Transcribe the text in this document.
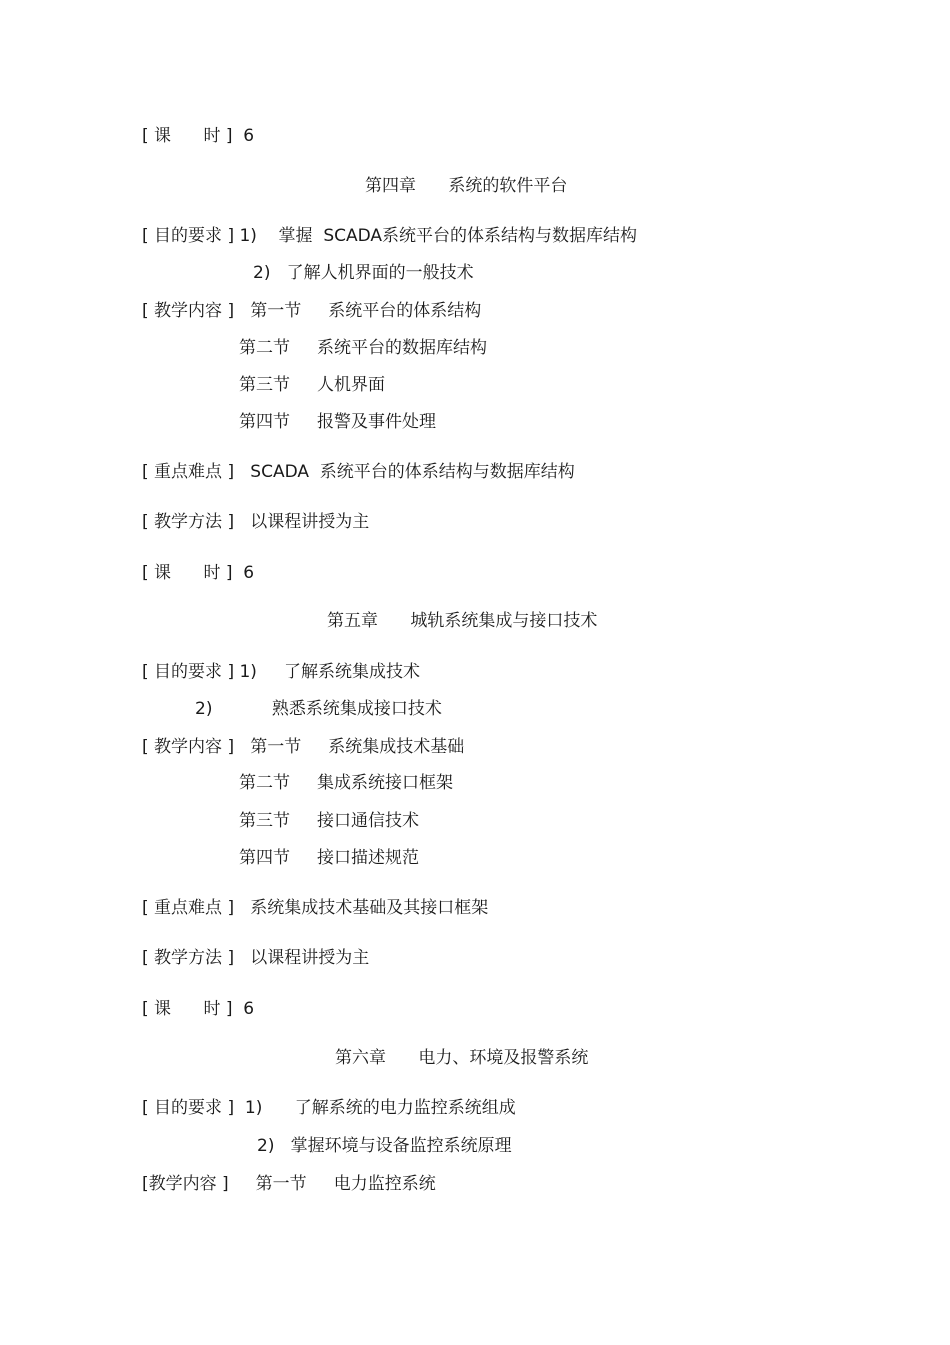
[ 课      时 ]  6
第四章      系统的软件平台
[ 目的要求 ] 1)    掌握  SCADA系统平台的体系结构与数据库结构
2)   了解人机界面的一般技术
[ 教学内容 ]   第一节     系统平台的体系结构
第二节     系统平台的数据库结构
第三节     人机界面
第四节     报警及事件处理
[ 重点难点 ]   SCADA  系统平台的体系结构与数据库结构
[ 教学方法 ]   以课程讲授为主
[ 课      时 ]  6
第五章      城轨系统集成与接口技术
[ 目的要求 ] 1)     了解系统集成技术
2)           熟悉系统集成接口技术
[ 教学内容 ]   第一节     系统集成技术基础
第二节     集成系统接口框架
第三节     接口通信技术
第四节     接口描述规范
[ 重点难点 ]   系统集成技术基础及其接口框架
[ 教学方法 ]   以课程讲授为主
[ 课      时 ]  6
第六章      电力、环境及报警系统
[ 目的要求 ]  1)      了解系统的电力监控系统组成
2)   掌握环境与设备监控系统原理
[教学内容 ]     第一节     电力监控系统
